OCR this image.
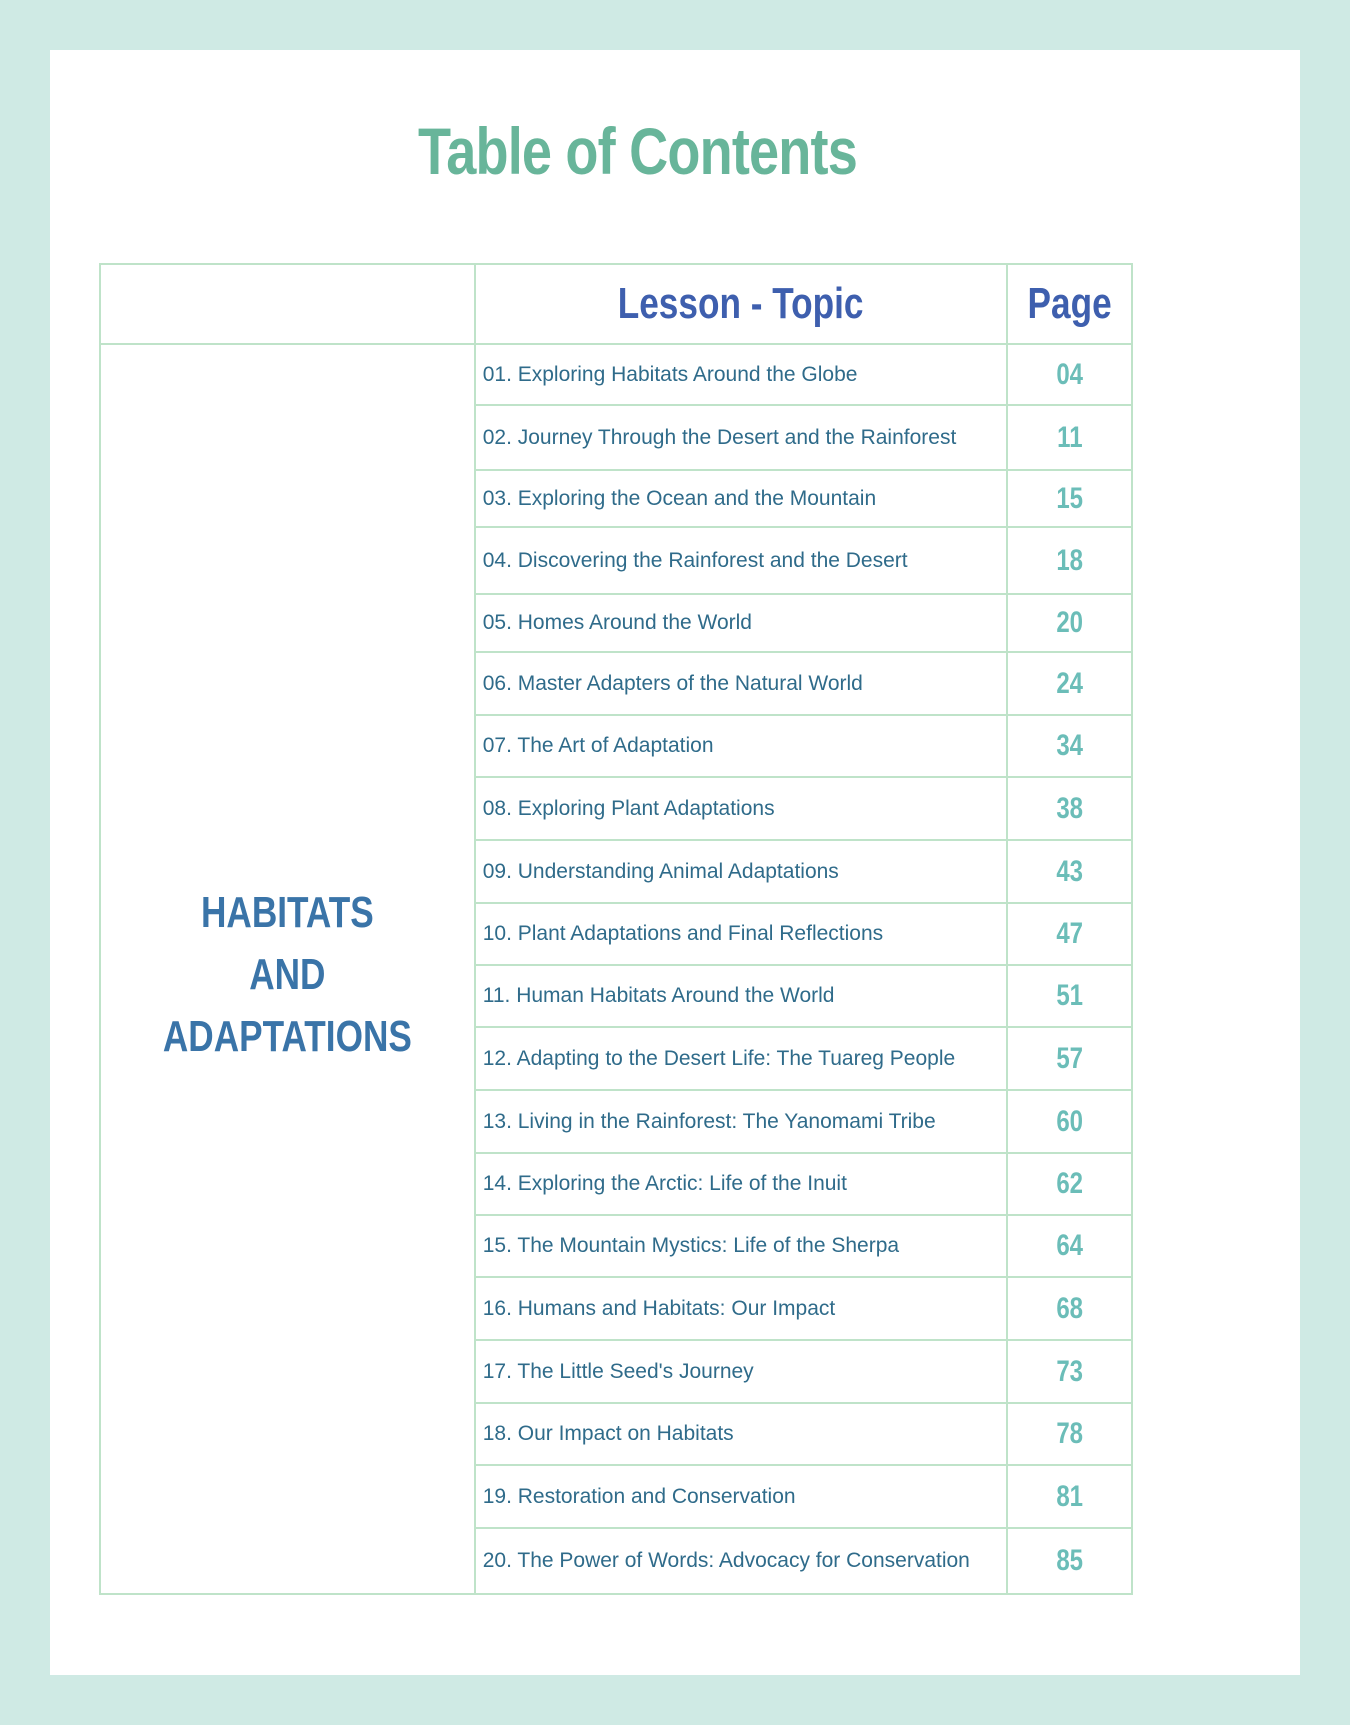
Table of Contents
	Lesson - Topic	Page

HABITATS
AND
ADAPTATIONS	01. Exploring Habitats Around the Globe	04
	02. Journey Through the Desert and the Rainforest	11
	03. Exploring the Ocean and the Mountain	15
	04. Discovering the Rainforest and the Desert	18
	05. Homes Around the World	20
	06. Master Adapters of the Natural World	24
	07. The Art of Adaptation	34
	08. Exploring Plant Adaptations	38
	09. Understanding Animal Adaptations	43
	10. Plant Adaptations and Final Reflections	47
	11. Human Habitats Around the World	51
	12. Adapting to the Desert Life: The Tuareg People	57
	13. Living in the Rainforest: The Yanomami Tribe	60
	14. Exploring the Arctic: Life of the Inuit	62
	15. The Mountain Mystics: Life of the Sherpa	64
	16. Humans and Habitats: Our Impact	68
	17. The Little Seed's Journey	73
	18. Our Impact on Habitats	78
	19. Restoration and Conservation	81
	20. The Power of Words: Advocacy for Conservation	85
